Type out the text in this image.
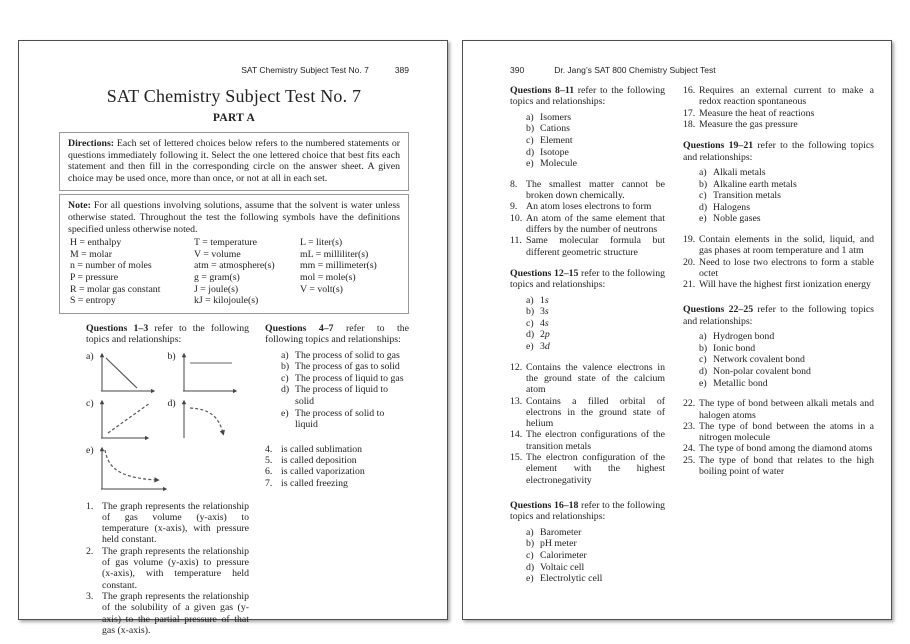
SAT Chemistry Subject Test No. 7	389
SAT Chemistry Subject Test No. 7
PART A
Directions: Each set of lettered choices below refers to the numbered statements or questions immediately following it. Select the one lettered choice that best fits each statement and then fill in the corresponding circle on the answer sheet. A given choice may be used once, more than once, or not at all in each set.
Note: For all questions involving solutions, assume that the solvent is water unless otherwise stated. Throughout the test the following symbols have the definitions specified unless otherwise noted.
H = enthalpy	T = temperature	L = liter(s)
M = molar	V = volume	mL = milliliter(s)
n = number of moles	atm = atmosphere(s)	mm = millimeter(s)
P = pressure	g = gram(s)	mol = mole(s)
R = molar gas constant	J = joule(s)	V = volt(s)
S = entropy	kJ = kilojoule(s)

Questions 1–3 refer to the following topics and relationships:

a)	b)
c)	d)
e)
1. The graph represents the relationship of gas volume (y-axis) to temperature (x-axis), with pressure held constant.
2. The graph represents the relationship of gas volume (y-axis) to pressure (x-axis), with temperature held constant.
3. The graph represents the relationship of the solubility of a given gas (y-axis) to the partial pressure of that gas (x-axis).

Questions 4–7 refer to the following topics and relationships:

a) The process of solid to gas
b) The process of gas to solid
c) The process of liquid to gas
d) The process of liquid to solid
e) The process of solid to liquid
4. is called sublimation
5. is called deposition
6. is called vaporization
7. is called freezing
390	Dr. Jang’s SAT 800 Chemistry Subject Test

Questions 8–11 refer to the following topics and relationships:

a) Isomers
b) Cations
c) Element
d) Isotope
e) Molecule
8. The smallest matter cannot be broken down chemically.
9. An atom loses electrons to form
10. An atom of the same element that differs by the number of neutrons
11. Same molecular formula but different geometric structure

Questions 12–15 refer to the following topics and relationships:

a) 1s
b) 3s
c) 4s
d) 2p
e) 3d
12. Contains the valence electrons in the ground state of the calcium atom
13. Contains a filled orbital of electrons in the ground state of helium
14. The electron configurations of the transition metals
15. The electron configuration of the element with the highest electronegativity

Questions 16–18 refer to the following topics and relationships:

a) Barometer
b) pH meter
c) Calorimeter
d) Voltaic cell
e) Electrolytic cell
16. Requires an external current to make a redox reaction spontaneous
17. Measure the heat of reactions
18. Measure the gas pressure

Questions 19–21 refer to the following topics and relationships:

a) Alkali metals
b) Alkaline earth metals
c) Transition metals
d) Halogens
e) Noble gases
19. Contain elements in the solid, liquid, and gas phases at room temperature and 1 atm
20. Need to lose two electrons to form a stable octet
21. Will have the highest first ionization energy

Questions 22–25 refer to the following topics and relationships:

a) Hydrogen bond
b) Ionic bond
c) Network covalent bond
d) Non-polar covalent bond
e) Metallic bond
22. The type of bond between alkali metals and halogen atoms
23. The type of bond between the atoms in a nitrogen molecule
24. The type of bond among the diamond atoms
25. The type of bond that relates to the high boiling point of water
